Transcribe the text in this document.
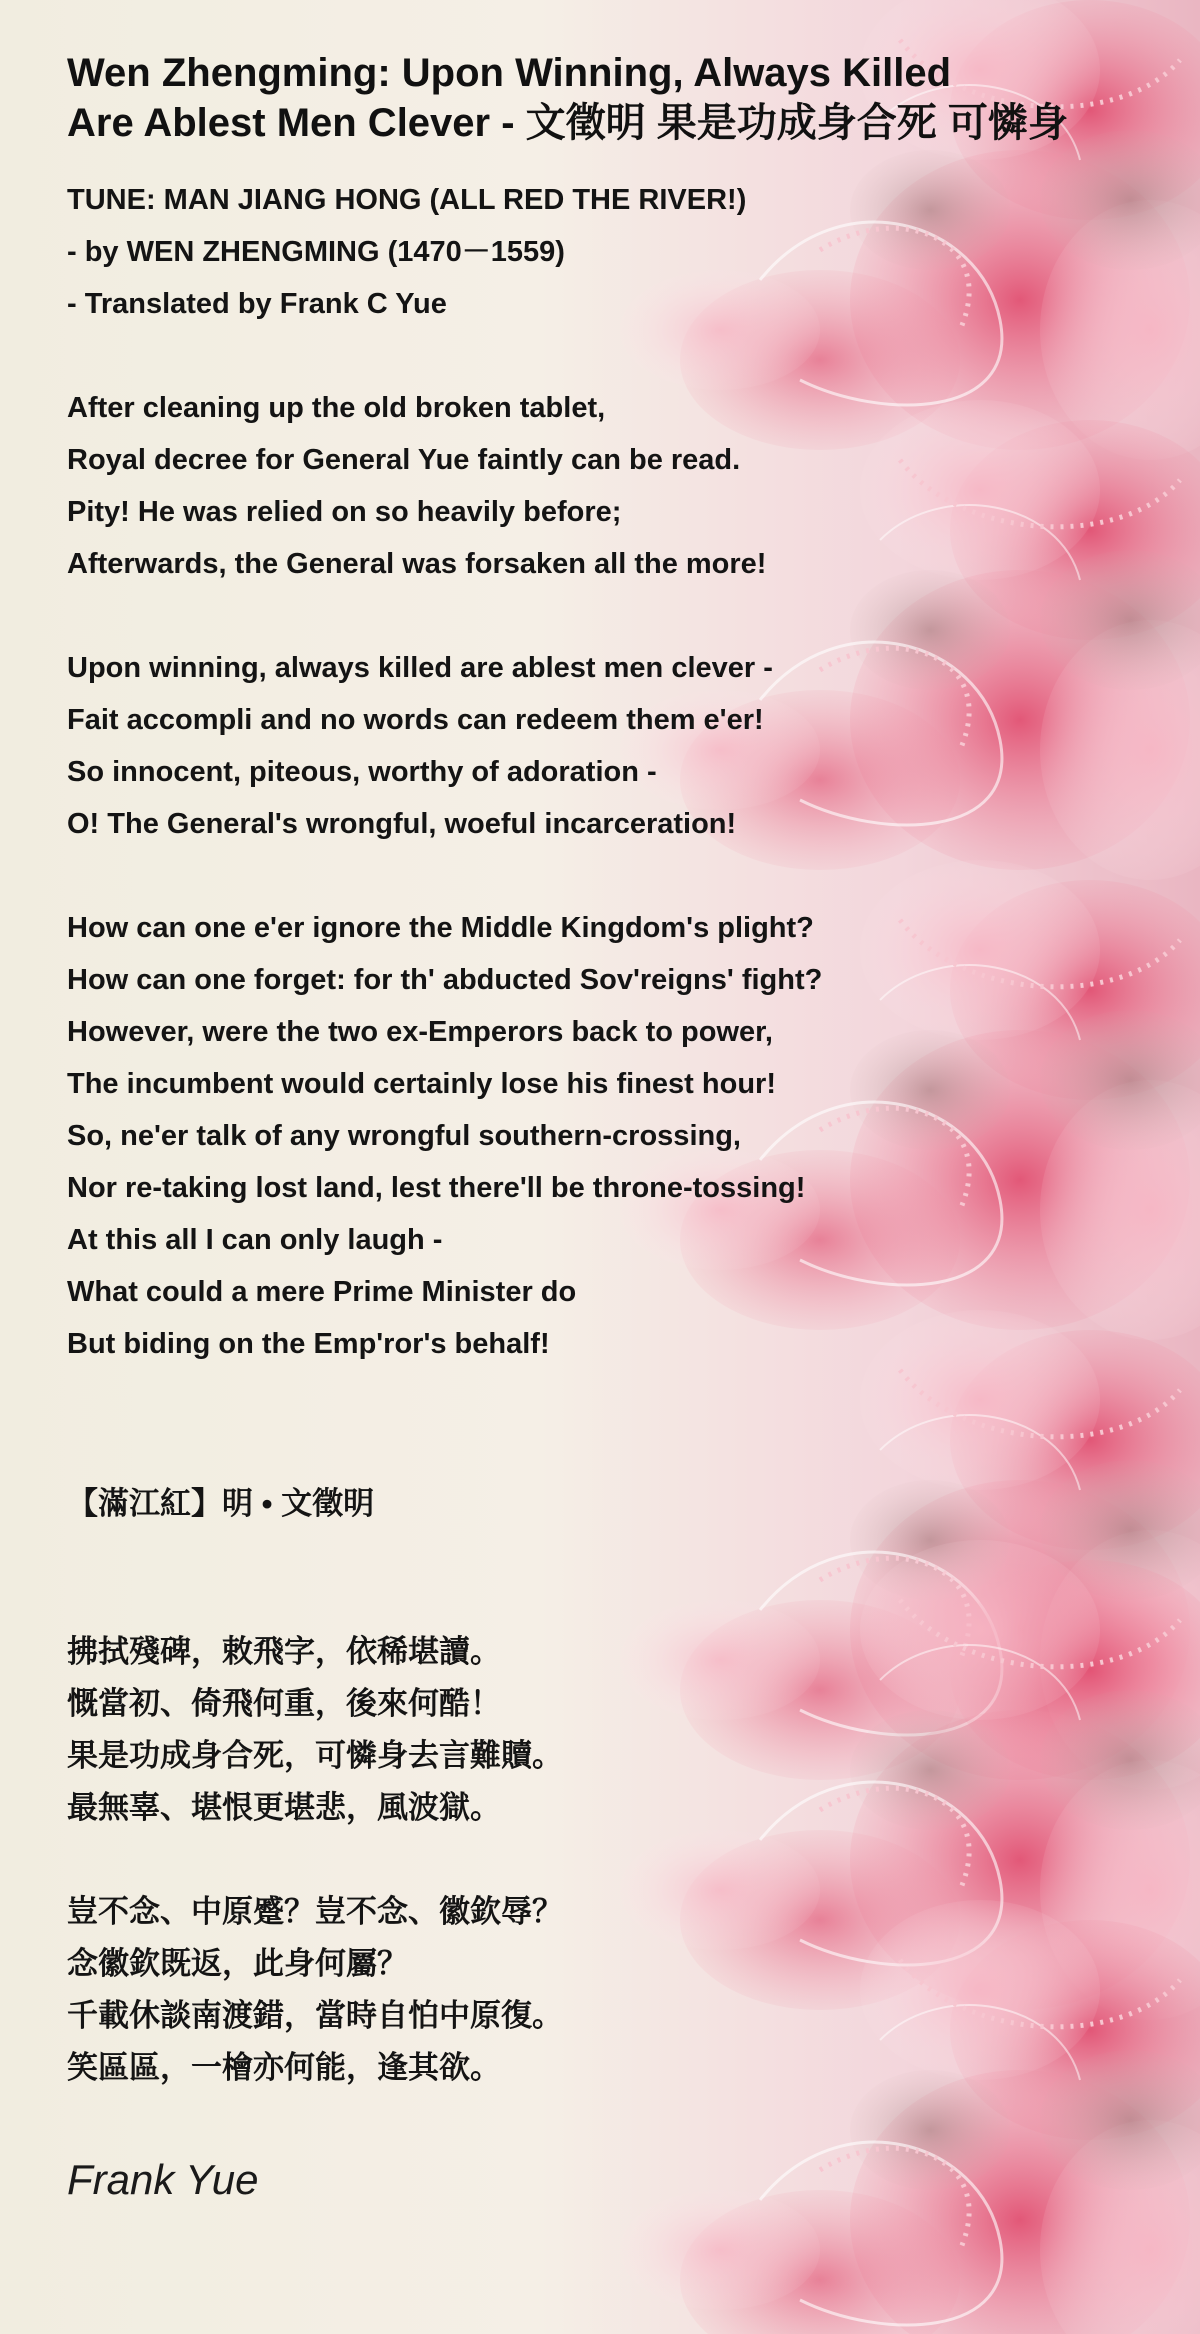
Wen Zhengming: Upon Winning, Always Killed
Are Ablest Men Clever - 文徵明 果是功成身合死 可憐身
TUNE: MAN JIANG HONG (ALL RED THE RIVER!)
- by WEN ZHENGMING (1470－1559)
- Translated by Frank C Yue
After cleaning up the old broken tablet,
Royal decree for General Yue faintly can be read.
Pity! He was relied on so heavily before;
Afterwards, the General was forsaken all the more!
Upon winning, always killed are ablest men clever -
Fait accompli and no words can redeem them e'er!
So innocent, piteous, worthy of adoration -
O! The General's wrongful, woeful incarceration!
How can one e'er ignore the Middle Kingdom's plight?
How can one forget: for th' abducted Sov'reigns' fight?
However, were the two ex-Emperors back to power,
The incumbent would certainly lose his finest hour!
So, ne'er talk of any wrongful southern-crossing,
Nor re-taking lost land, lest there'll be throne-tossing!
At this all I can only laugh -
What could a mere Prime Minister do
But biding on the Emp'ror's behalf!
【滿江紅】明 • 文徵明
拂拭殘碑，敕飛字，依稀堪讀。
慨當初、倚飛何重，後來何酷！
果是功成身合死，可憐身去言難贖。
最無辜、堪恨更堪悲，風波獄。
豈不念、中原蹙？豈不念、徽欽辱？
念徽欽既返，此身何屬？
千載休談南渡錯，當時自怕中原復。
笑區區，一檜亦何能，逢其欲。
Frank Yue
